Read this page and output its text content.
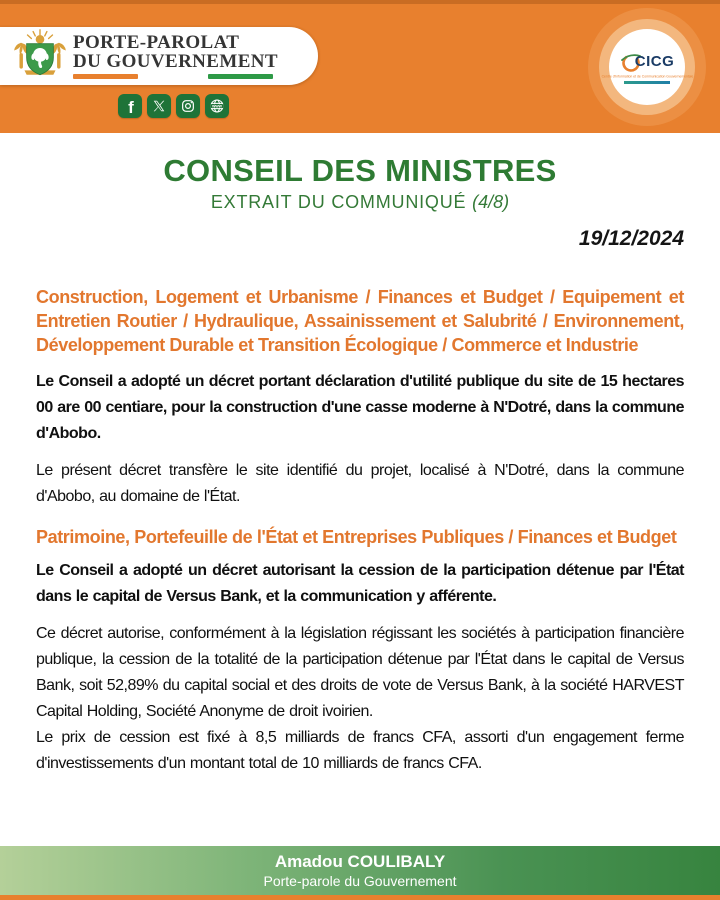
PORTE-PAROLAT
DU GOUVERNEMENT
f	www
CICG
Centre d'Information et de Communication Gouvernementale
CONSEIL DES MINISTRES
EXTRAIT DU COMMUNIQUÉ (4/8)
19/12/2024
Construction, Logement et Urbanisme / Finances et Budget / Equipement et Entretien Routier / Hydraulique, Assainissement et Salubrité / Environnement, Développement Durable et Transition Écologique / Commerce et Industrie

Le Conseil a adopté un décret portant déclaration d'utilité publique du site de 15 hectares 00 are 00 centiare, pour la construction d'une casse moderne à N'Dotré, dans la commune d'Abobo.

Le présent décret transfère le site identifié du projet, localisé à N'Dotré, dans la commune d'Abobo, au domaine de l'État.

Patrimoine, Portefeuille de l'État et Entreprises Publiques / Finances et Budget

Le Conseil a adopté un décret autorisant la cession de la participation détenue par l'État dans le capital de Versus Bank, et la communication y afférente.

Ce décret autorise, conformément à la législation régissant les sociétés à participation financière publique, la cession de la totalité de la participation détenue par l'État dans le capital de Versus Bank, soit 52,89% du capital social et des droits de vote de Versus Bank, à la société HARVEST Capital Holding, Société Anonyme de droit ivoirien.
Le prix de cession est fixé à 8,5 milliards de francs CFA, assorti d'un engagement ferme d'investissements d'un montant total de 10 milliards de francs CFA.

Amadou COULIBALY
Porte-parole du Gouvernement
